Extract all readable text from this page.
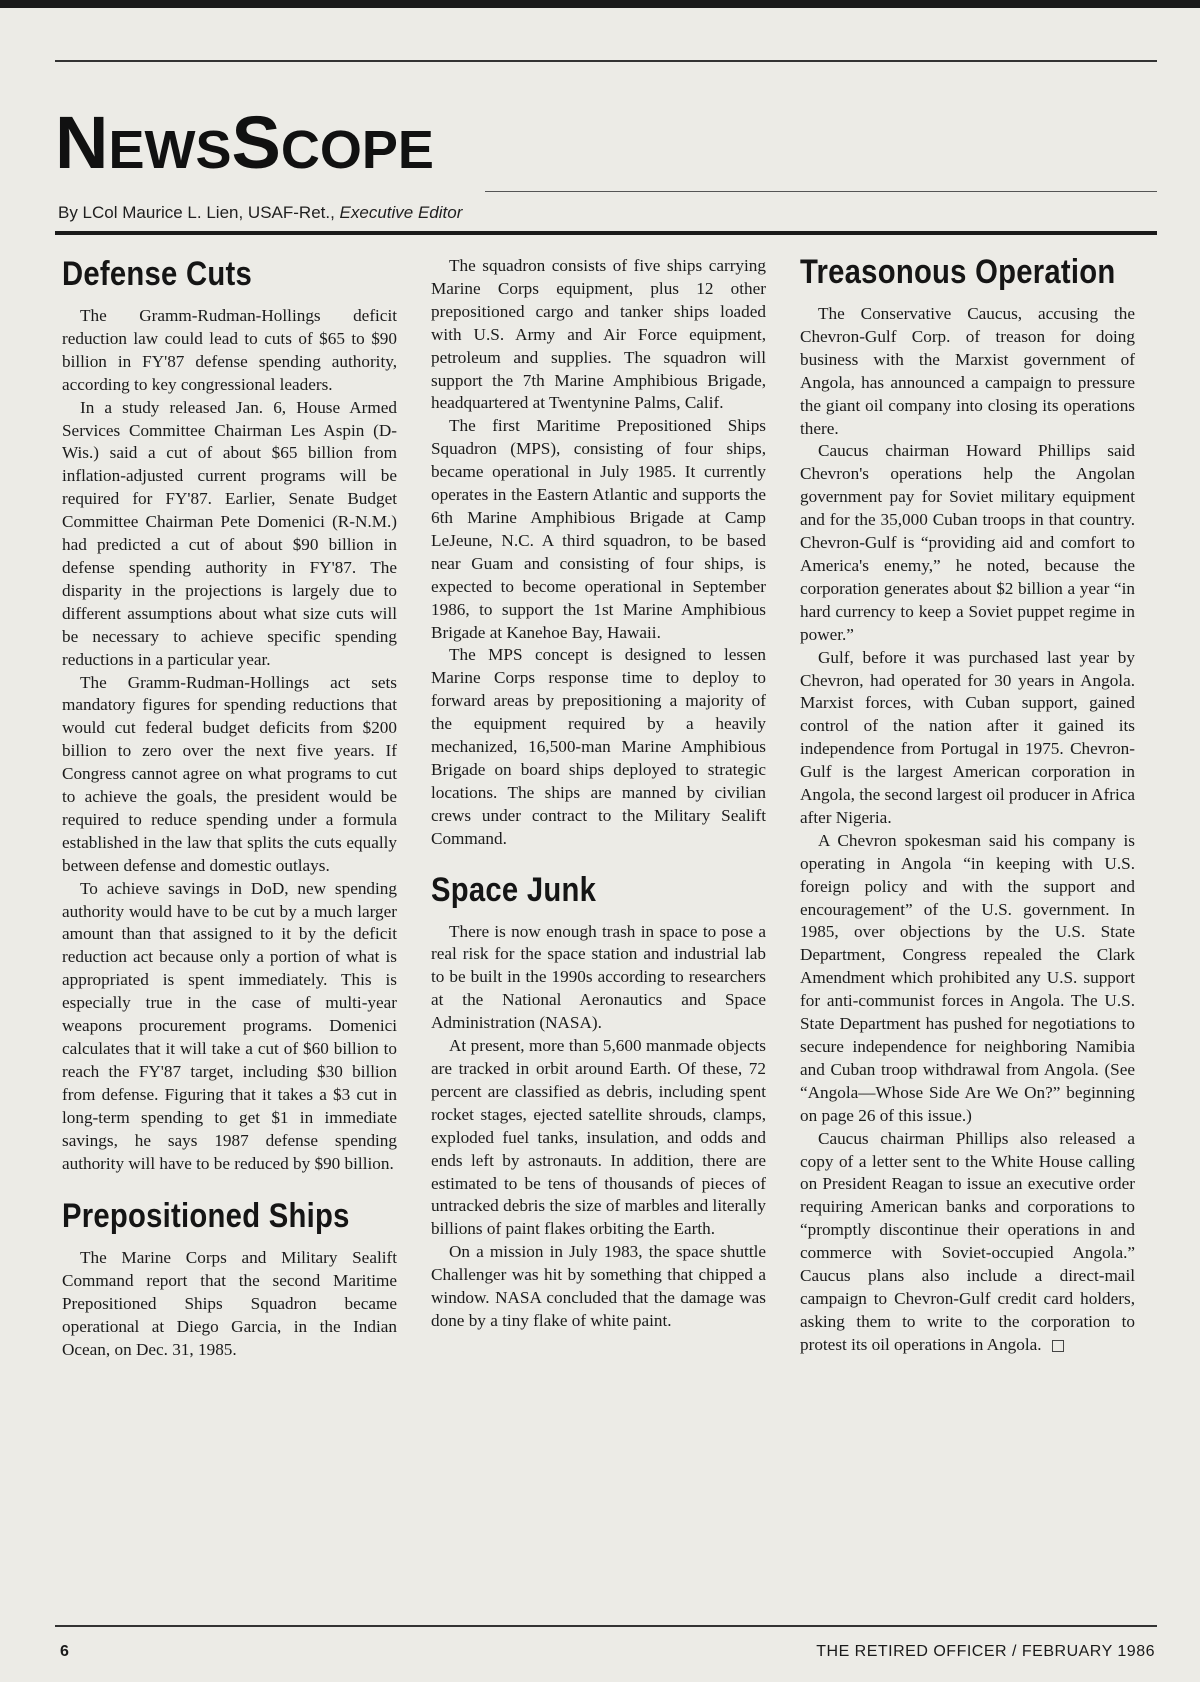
NEWSSCOPE
By LCol Maurice L. Lien, USAF-Ret., Executive Editor
Defense Cuts

The Gramm-Rudman-Hollings deficit reduction law could lead to cuts of $65 to $90 billion in FY'87 defense spending authority, according to key congressional leaders.

In a study released Jan. 6, House Armed Services Committee Chairman Les Aspin (D-Wis.) said a cut of about $65 billion from inflation-adjusted current programs will be required for FY'87. Earlier, Senate Budget Committee Chairman Pete Domenici (R-N.M.) had predicted a cut of about $90 billion in defense spending authority in FY'87. The disparity in the projections is largely due to different assumptions about what size cuts will be necessary to achieve specific spending reductions in a particular year.

The Gramm-Rudman-Hollings act sets mandatory figures for spending reductions that would cut federal budget deficits from $200 billion to zero over the next five years. If Congress cannot agree on what programs to cut to achieve the goals, the president would be required to reduce spending under a formula established in the law that splits the cuts equally between defense and domestic outlays.

To achieve savings in DoD, new spending authority would have to be cut by a much larger amount than that assigned to it by the deficit reduction act because only a portion of what is appropriated is spent immediately. This is especially true in the case of multi-year weapons procurement programs. Domenici calculates that it will take a cut of $60 billion to reach the FY'87 target, including $30 billion from defense. Figuring that it takes a $3 cut in long-term spending to get $1 in immediate savings, he says 1987 defense spending authority will have to be reduced by $90 billion.

Prepositioned Ships

The Marine Corps and Military Sealift Command report that the second Maritime Prepositioned Ships Squadron became operational at Diego Garcia, in the Indian Ocean, on Dec. 31, 1985.

The squadron consists of five ships carrying Marine Corps equipment, plus 12 other prepositioned cargo and tanker ships loaded with U.S. Army and Air Force equipment, petroleum and supplies. The squadron will support the 7th Marine Amphibious Brigade, headquartered at Twentynine Palms, Calif.

The first Maritime Prepositioned Ships Squadron (MPS), consisting of four ships, became operational in July 1985. It currently operates in the Eastern Atlantic and supports the 6th Marine Amphibious Brigade at Camp LeJeune, N.C. A third squadron, to be based near Guam and consisting of four ships, is expected to become operational in September 1986, to support the 1st Marine Amphibious Brigade at Kanehoe Bay, Hawaii.

The MPS concept is designed to lessen Marine Corps response time to deploy to forward areas by prepositioning a majority of the equipment required by a heavily mechanized, 16,500-man Marine Amphibious Brigade on board ships deployed to strategic locations. The ships are manned by civilian crews under contract to the Military Sealift Command.

Space Junk

There is now enough trash in space to pose a real risk for the space station and industrial lab to be built in the 1990s according to researchers at the National Aeronautics and Space Administration (NASA).

At present, more than 5,600 manmade objects are tracked in orbit around Earth. Of these, 72 percent are classified as debris, including spent rocket stages, ejected satellite shrouds, clamps, exploded fuel tanks, insulation, and odds and ends left by astronauts. In addition, there are estimated to be tens of thousands of pieces of untracked debris the size of marbles and literally billions of paint flakes orbiting the Earth.

On a mission in July 1983, the space shuttle Challenger was hit by something that chipped a window. NASA concluded that the damage was done by a tiny flake of white paint.

Treasonous Operation

The Conservative Caucus, accusing the Chevron-Gulf Corp. of treason for doing business with the Marxist government of Angola, has announced a campaign to pressure the giant oil company into closing its operations there.

Caucus chairman Howard Phillips said Chevron's operations help the Angolan government pay for Soviet military equipment and for the 35,000 Cuban troops in that country. Chevron-Gulf is “providing aid and comfort to America's enemy,” he noted, because the corporation generates about $2 billion a year “in hard currency to keep a Soviet puppet regime in power.”

Gulf, before it was purchased last year by Chevron, had operated for 30 years in Angola. Marxist forces, with Cuban support, gained control of the nation after it gained its independence from Portugal in 1975. Chevron-Gulf is the largest American corporation in Angola, the second largest oil producer in Africa after Nigeria.

A Chevron spokesman said his company is operating in Angola “in keeping with U.S. foreign policy and with the support and encouragement” of the U.S. government. In 1985, over objections by the U.S. State Department, Congress repealed the Clark Amendment which prohibited any U.S. support for anti-communist forces in Angola. The U.S. State Department has pushed for negotiations to secure independence for neighboring Namibia and Cuban troop withdrawal from Angola. (See “Angola—Whose Side Are We On?” beginning on page 26 of this issue.)

Caucus chairman Phillips also released a copy of a letter sent to the White House calling on President Reagan to issue an executive order requiring American banks and corporations to “promptly discontinue their operations in and commerce with Soviet-occupied Angola.” Caucus plans also include a direct-mail campaign to Chevron-Gulf credit card holders, asking them to write to the corporation to protest its oil operations in Angola.

6	THE RETIRED OFFICER / FEBRUARY 1986
